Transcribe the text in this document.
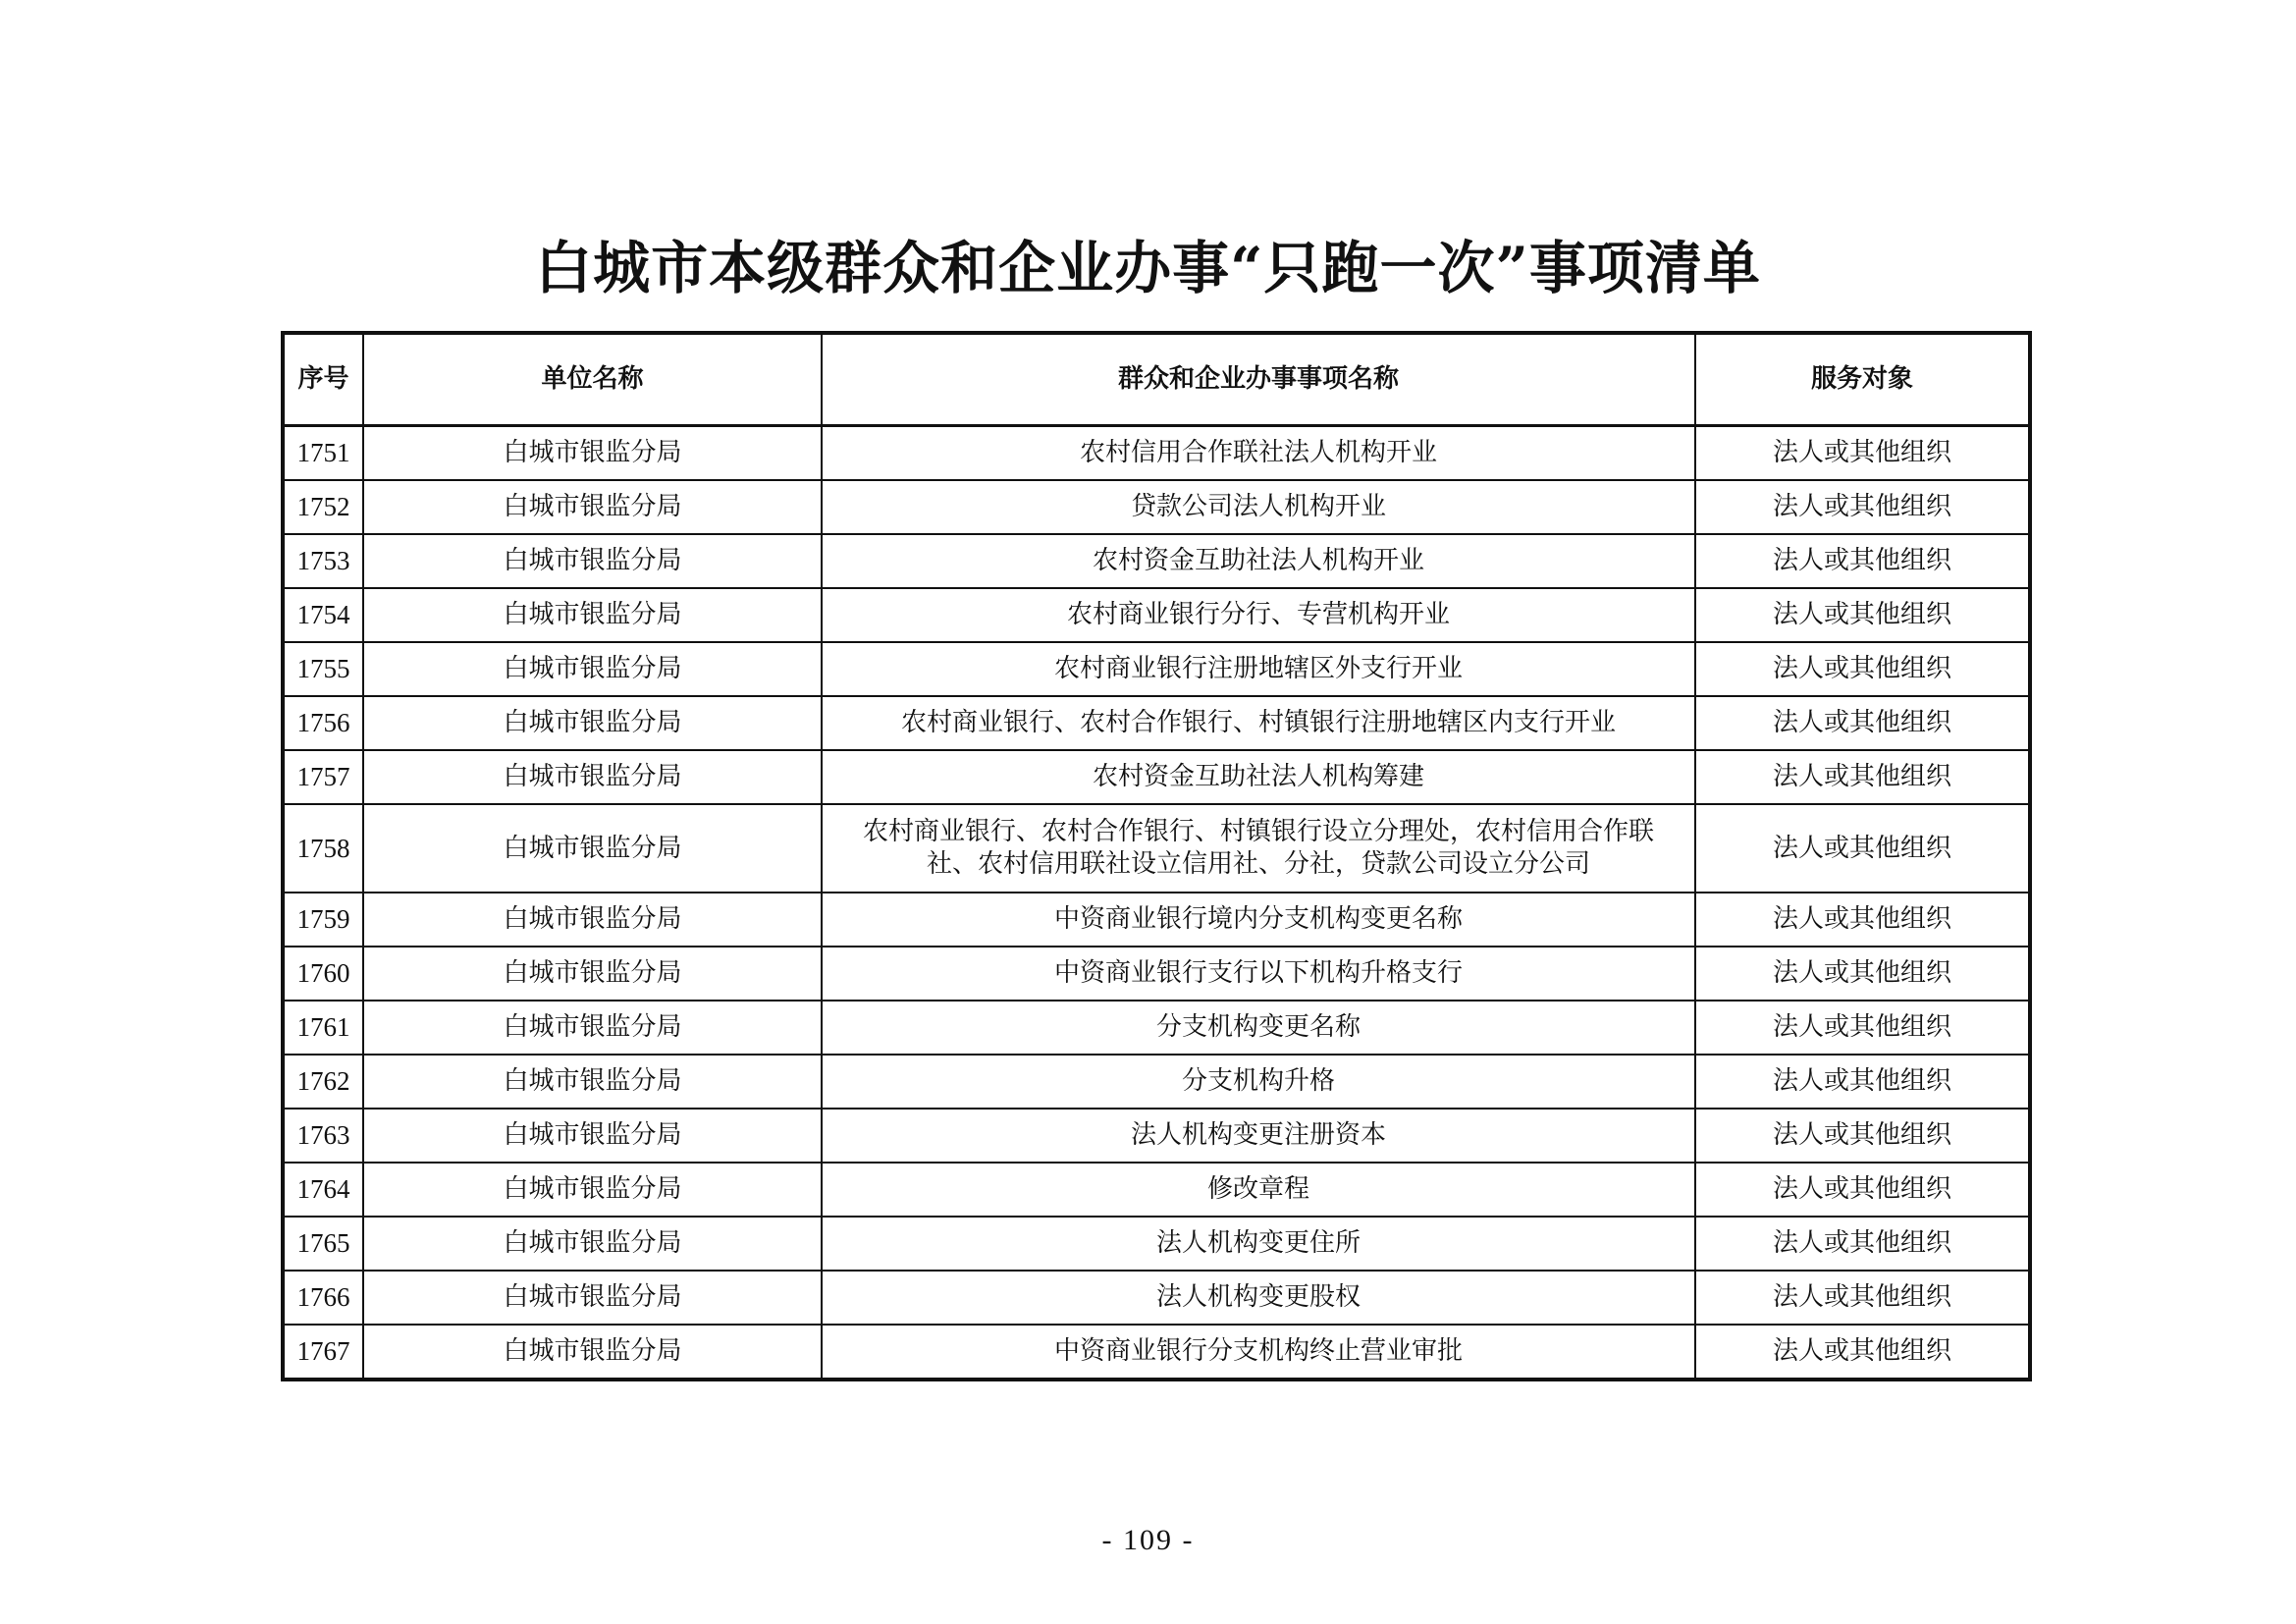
白城市本级群众和企业办事“只跑一次”事项清单
序号	单位名称	群众和企业办事事项名称	服务对象
1751	白城市银监分局	农村信用合作联社法人机构开业	法人或其他组织
1752	白城市银监分局	贷款公司法人机构开业	法人或其他组织
1753	白城市银监分局	农村资金互助社法人机构开业	法人或其他组织
1754	白城市银监分局	农村商业银行分行、专营机构开业	法人或其他组织
1755	白城市银监分局	农村商业银行注册地辖区外支行开业	法人或其他组织
1756	白城市银监分局	农村商业银行、农村合作银行、村镇银行注册地辖区内支行开业	法人或其他组织
1757	白城市银监分局	农村资金互助社法人机构筹建	法人或其他组织
1758	白城市银监分局	农村商业银行、农村合作银行、村镇银行设立分理处，农村信用合作联
社、农村信用联社设立信用社、分社，贷款公司设立分公司	法人或其他组织
1759	白城市银监分局	中资商业银行境内分支机构变更名称	法人或其他组织
1760	白城市银监分局	中资商业银行支行以下机构升格支行	法人或其他组织
1761	白城市银监分局	分支机构变更名称	法人或其他组织
1762	白城市银监分局	分支机构升格	法人或其他组织
1763	白城市银监分局	法人机构变更注册资本	法人或其他组织
1764	白城市银监分局	修改章程	法人或其他组织
1765	白城市银监分局	法人机构变更住所	法人或其他组织
1766	白城市银监分局	法人机构变更股权	法人或其他组织
1767	白城市银监分局	中资商业银行分支机构终止营业审批	法人或其他组织
- 109 -
